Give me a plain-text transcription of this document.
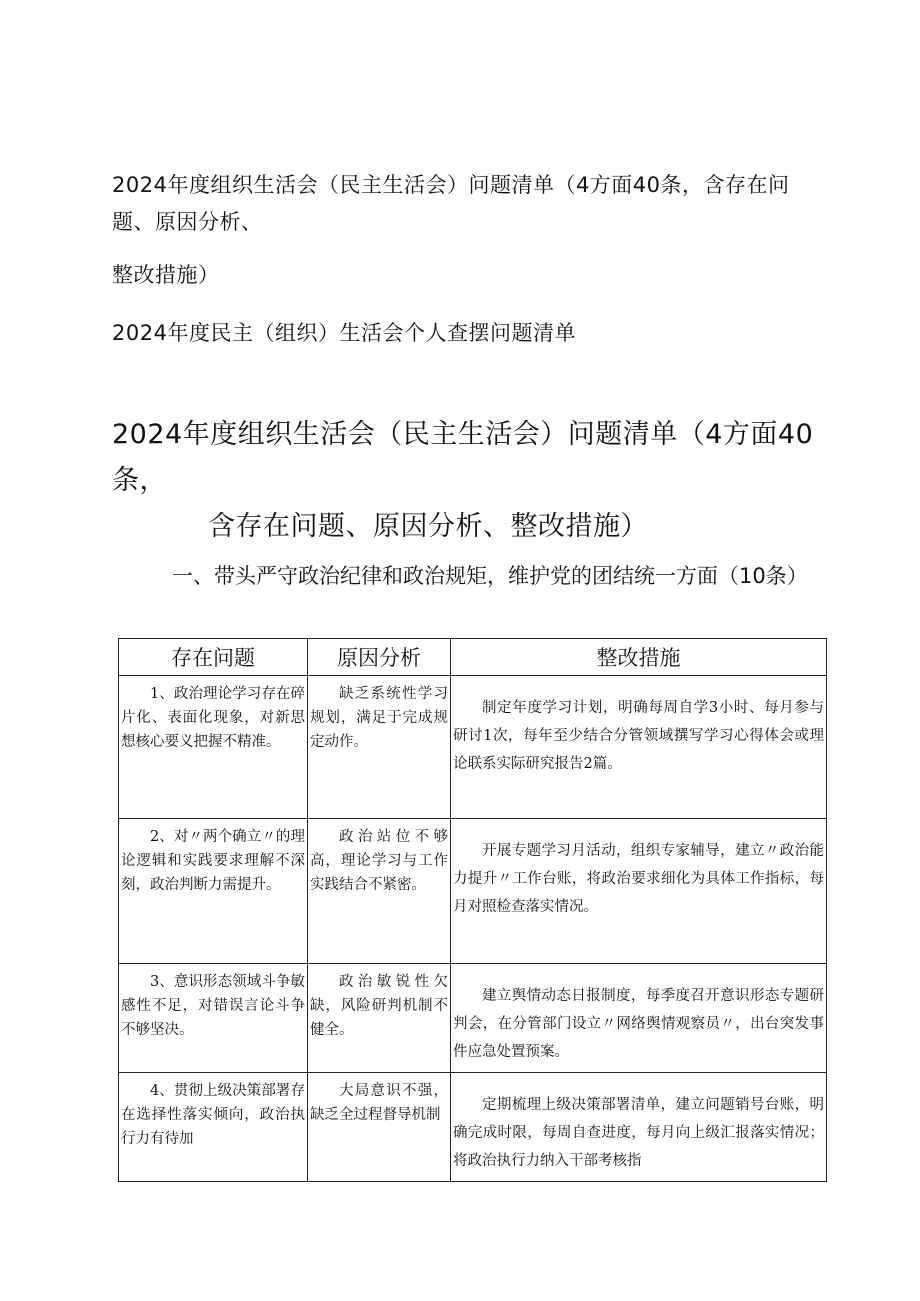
2024年度组织生活会（民主生活会）问题清单（4方面40条，含存在问题、原因分析、
整改措施）
2024年度民主（组织）生活会个人查摆问题清单
2024年度组织生活会（民主生活会）问题清单（4方面40条，
含存在问题、原因分析、整改措施）
一、带头严守政治纪律和政治规矩，维护党的团结统一方面（10条）
存在问题	原因分析	整改措施
1、政治理论学习存在碎片化、表面化现象，对新思想核心要义把握不精准。	缺乏系统性学习规划，满足于完成规定动作。	制定年度学习计划，明确每周自学3小时、每月参与研讨1次，每年至少结合分管领域撰写学习心得体会或理论联系实际研究报告2篇。
2、对〃两个确立〃的理论逻辑和实践要求理解不深刻，政治判断力需提升。	政治站位不够高，理论学习与工作实践结合不紧密。	开展专题学习月活动，组织专家辅导，建立〃政治能力提升〃工作台账，将政治要求细化为具体工作指标，每月对照检查落实情况。
3、意识形态领域斗争敏感性不足，对错误言论斗争不够坚决。	政治敏锐性欠缺，风险研判机制不健全。	建立舆情动态日报制度，每季度召开意识形态专题研判会，在分管部门设立〃网络舆情观察员〃，出台突发事件应急处置预案。
4、贯彻上级决策部署存在选择性落实倾向，政治执行力有待加	大局意识不强，缺乏全过程督导机制	定期梳理上级决策部署清单，建立问题销号台账，明确完成时限，每周自查进度，每月向上级汇报落实情况；将政治执行力纳入干部考核指
